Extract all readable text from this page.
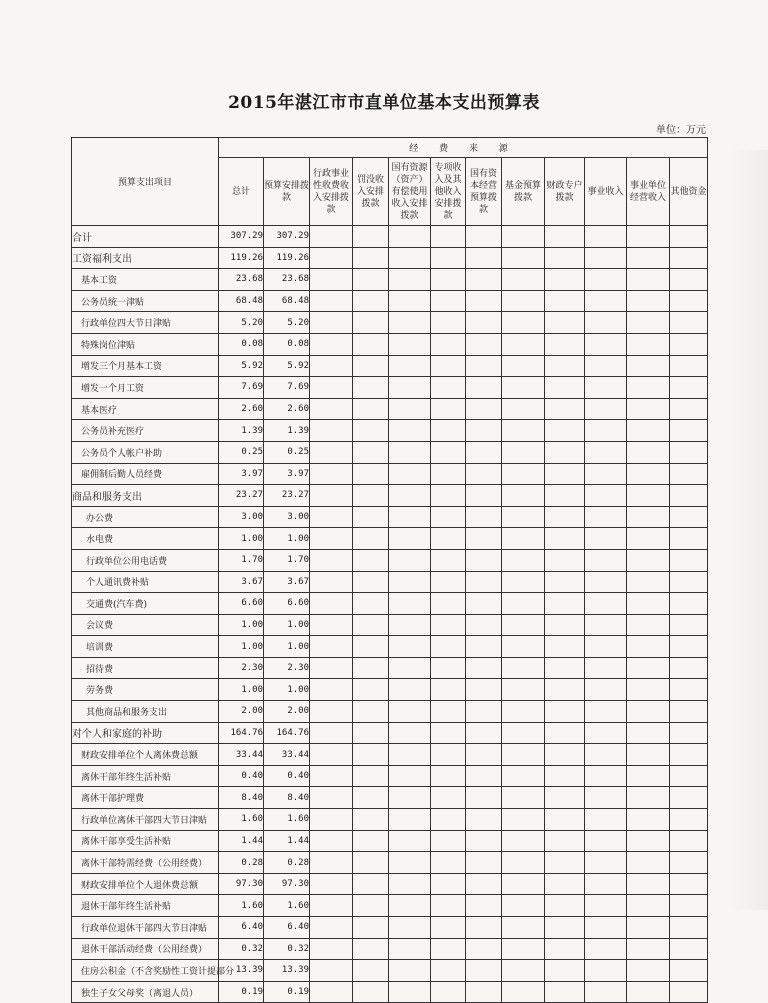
2015年湛江市市直单位基本支出预算表
单位：万元
预算支出项目	经 费 来 源											
	总计	预算安排拨款	行政事业性收费收入安排拨款	罚没收入安排拨款	国有资源（资产）有偿使用收入安排拨款	专项收入及其他收入安排拨款	国有资本经营预算拨款	基金预算拨款	财政专户拨款	事业收入	事业单位经营收入	其他资金
合计	307.29	307.29										
工资福利支出	119.26	119.26										
基本工资	23.68	23.68										
公务员统一津贴	68.48	68.48										
行政单位四大节日津贴	5.20	5.20										
特殊岗位津贴	0.08	0.08										
增发三个月基本工资	5.92	5.92										
增发一个月工资	7.69	7.69										
基本医疗	2.60	2.60										
公务员补充医疗	1.39	1.39										
公务员个人帐户补助	0.25	0.25										
雇佣制后勤人员经费	3.97	3.97										
商品和服务支出	23.27	23.27										
办公费	3.00	3.00										
水电费	1.00	1.00										
行政单位公用电话费	1.70	1.70										
个人通讯费补贴	3.67	3.67										
交通费(汽车费)	6.60	6.60										
会议费	1.00	1.00										
培训费	1.00	1.00										
招待费	2.30	2.30										
劳务费	1.00	1.00										
其他商品和服务支出	2.00	2.00										
对个人和家庭的补助	164.76	164.76										
财政安排单位个人离休费总额	33.44	33.44										
离休干部年终生活补贴	0.40	0.40										
离休干部护理费	8.40	8.40										
行政单位离休干部四大节日津贴	1.60	1.60										
离休干部享受生活补贴	1.44	1.44										
离休干部特需经费（公用经费）	0.28	0.28										
财政安排单位个人退休费总额	97.30	97.30										
退休干部年终生活补贴	1.60	1.60										
行政单位退休干部四大节日津贴	6.40	6.40										
退休干部活动经费（公用经费）	0.32	0.32										
住房公积金（不含奖励性工资计提部分	13.39	13.39										
独生子女父母奖（离退人员）	0.19	0.19										
